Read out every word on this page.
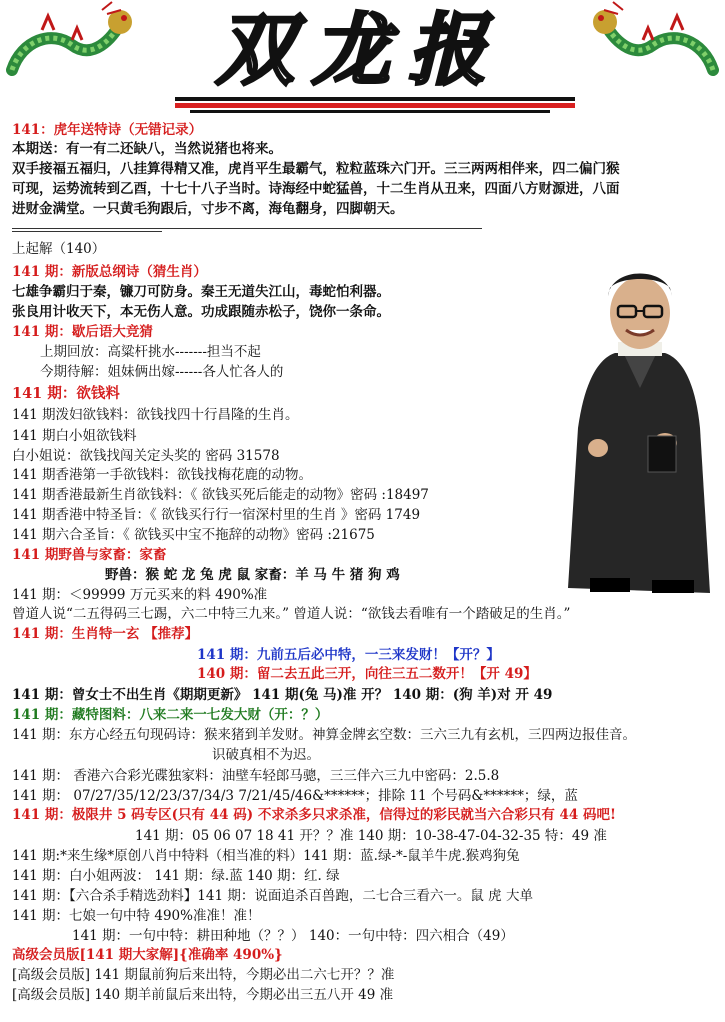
双龙报
141：虎年送特诗（无错记录）
本期送：有一有二还缺八，当然说猪也将来。
双手接福五福归，八挂算得精又准，虎肖平生最霸气，粒粒蓝珠六门开。三三两两相伴来，四二偏门猴
可现，运势流转到乙酉，十七十八子当时。诗海经中蛇猛兽，十二生肖从丑来，四面八方财源进，八面
进财金满堂。一只黄毛狗跟后，寸步不离，海龟翻身，四脚朝天。
上起解（140）
141 期：新版总纲诗（猜生肖）
七雄争霸归于秦，镰刀可防身。秦王无道失江山，毒蛇怕利器。
张良用计收天下，本无伤人意。功成跟随赤松子，饶你一条命。
141 期：歇后语大竞猜
上期回放：高粱杆挑水-------担当不起
今期待解：姐妹俩出嫁------各人忙各人的
141 期：欲钱料
141 期泼妇欲钱料：欲钱找四十行昌隆的生肖。
141 期白小姐欲钱料
白小姐说：欲钱找闯关定头奖的 密码 31578
141 期香港第一手欲钱料：欲钱找梅花鹿的动物。
141 期香港最新生肖欲钱料：《 欲钱买死后能走的动物》密码 :18497
141 期香港中特圣旨：《 欲钱买行行一宿深村里的生肖 》密码 1749
141 期六合圣旨：《 欲钱买中宝不拖辞的动物》密码 :21675
141 期野兽与家畜：家畜
野兽：猴 蛇 龙 兔 虎 鼠 家畜：羊 马 牛 猪 狗 鸡
141 期：＜99999 万元买来的料 490%准
曾道人说“二五得码三七踢，六二中特三九来。” 曾道人说：“欲钱去看唯有一个踏破足的生肖。”
141 期：生肖特一玄 【推荐】
141 期：九前五后必中特，一三来发财！【开？】
140 期：留二去五此三开，向往三五二数开！【开 49】
141 期：曾女士不出生肖《期期更新》 141 期(兔 马)准 开？ 140 期：(狗 羊)对 开 49
141 期：藏特图料：八来二来一七发大财（开：？）
141 期：东方心经五句现码诗：猴来猪到羊发财。神算金牌玄空数：三六三九有玄机，三四两边报佳音。
识破真相不为迟。
141 期： 香港六合彩光碟独家料：油壁车轻郎马骢，三三伴六三九中密码：2.5.8
141 期： 07/27/35/12/23/37/34/3 7/21/45/46&******；排除 11 个号码&******；绿，蓝
141 期：极限井 5 码专区(只有 44 码) 不求杀多只求杀准，信得过的彩民就当六合彩只有 44 码吧!
141 期：05 06 07 18 41 开？？准 140 期：10-38-47-04-32-35 特：49 准
141 期:*来生缘*原创八肖中特料（相当准的料）141 期：蓝.绿-*-鼠羊牛虎.猴鸡狗兔
141 期：白小姐两波： 141 期：绿.蓝 140 期：红. 绿
141 期：【六合杀手精选劲料】141 期：说面追杀百兽跑，二七合三看六一。鼠 虎 大单
141 期：七娘一句中特 490%准准！准！
141 期：一句中特：耕田种地（？？） 140：一句中特：四六相合（49）
高级会员版[141 期大家解]{准确率 490%}
[高级会员版] 141 期鼠前狗后来出特，今期必出二六七开？？准
[高级会员版] 140 期羊前鼠后来出特，今期必出三五八开 49 准
